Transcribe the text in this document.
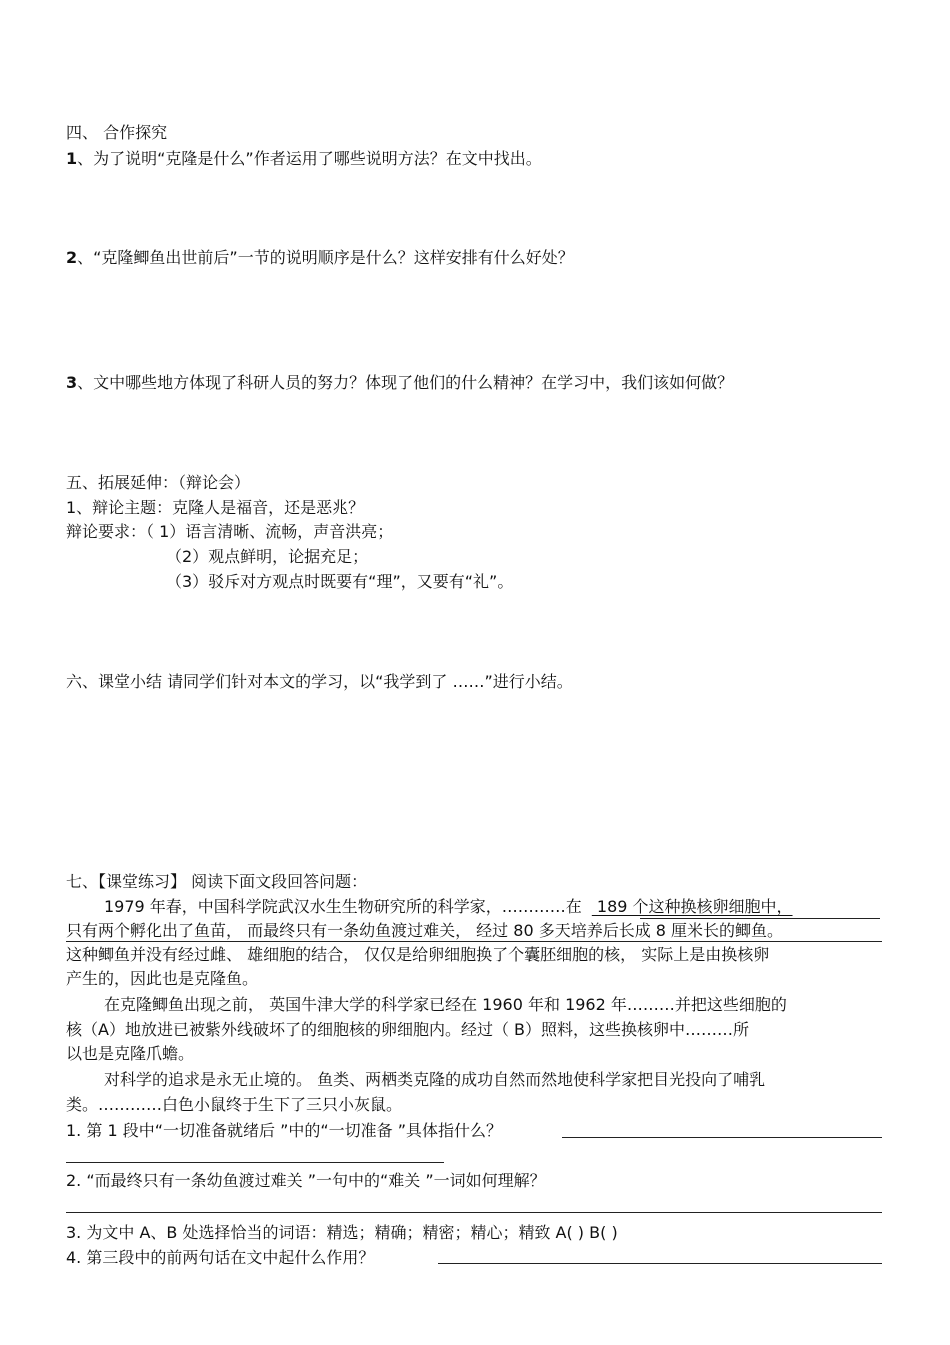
四、 合作探究
1、为了说明“克隆是什么”作者运用了哪些说明方法？在文中找出。
2、“克隆鲫鱼出世前后”一节的说明顺序是什么？这样安排有什么好处？
3、文中哪些地方体现了科研人员的努力？体现了他们的什么精神？在学习中，我们该如何做？
五、拓展延伸：（辩论会）
1、辩论主题：克隆人是福音，还是恶兆？
辩论要求：（ 1）语言清晰、流畅，声音洪亮；
（2）观点鲜明，论据充足；
（3）驳斥对方观点时既要有“理”，又要有“礼”。
六、课堂小结 请同学们针对本文的学习，以“我学到了 ……”进行小结。
七、【课堂练习】 阅读下面文段回答问题：
1979 年春，中国科学院武汉水生生物研究所的科学家，…………在 189 个这种换核卵细胞中，
只有两个孵化出了鱼苗， 而最终只有一条幼鱼渡过难关， 经过 80 多天培养后长成 8 厘米长的鲫鱼。
这种鲫鱼并没有经过雌、 雄细胞的结合， 仅仅是给卵细胞换了个囊胚细胞的核， 实际上是由换核卵
产生的，因此也是克隆鱼。
在克隆鲫鱼出现之前， 英国牛津大学的科学家已经在 1960 年和 1962 年………并把这些细胞的
核（A）地放进已被紫外线破坏了的细胞核的卵细胞内。经过（ B）照料，这些换核卵中………所
以也是克隆爪蟾。
对科学的追求是永无止境的。 鱼类、两栖类克隆的成功自然而然地使科学家把目光投向了哺乳
类。…………白色小鼠终于生下了三只小灰鼠。
1. 第 1 段中“一切准备就绪后 ”中的“一切准备 ”具体指什么？
2. “而最终只有一条幼鱼渡过难关 ”一句中的“难关 ”一词如何理解？
3. 为文中 A、B 处选择恰当的词语：精选；精确；精密；精心；精致 A( ) B( )
4. 第三段中的前两句话在文中起什么作用？
